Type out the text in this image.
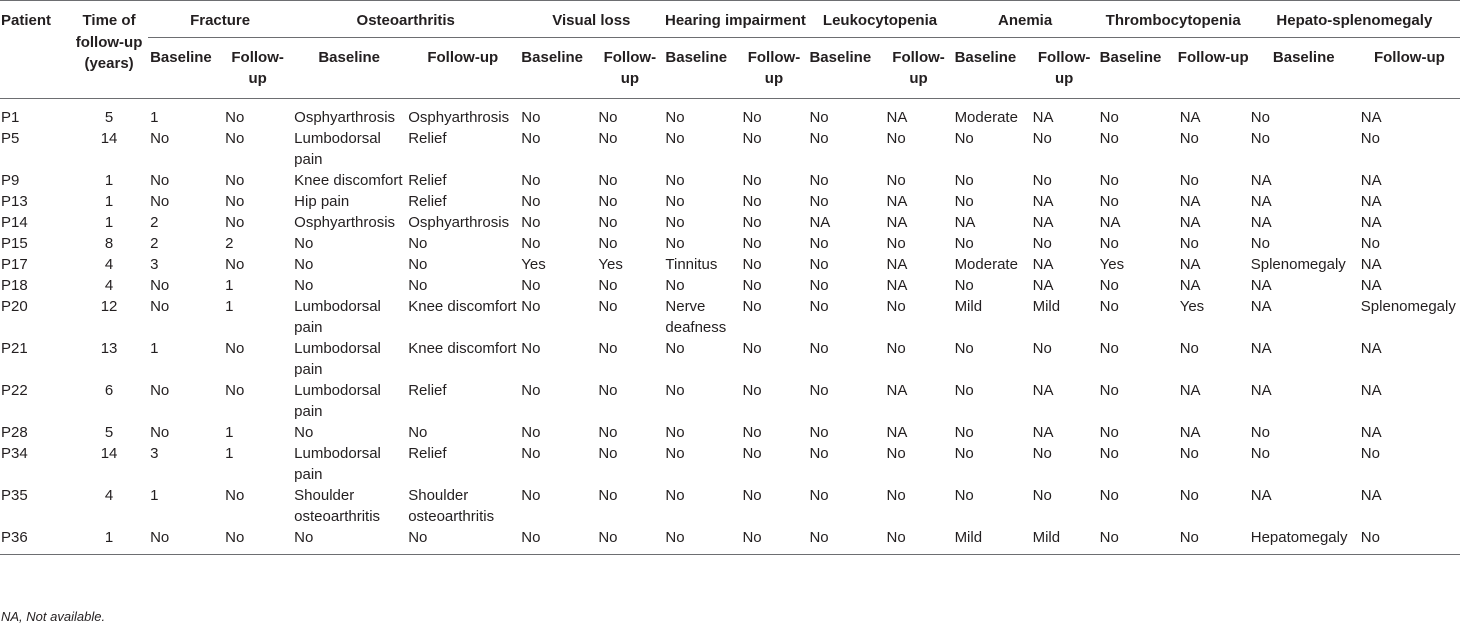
Patient	Time of follow-up (years)	Fracture		Osteoarthritis		Visual loss		Hearing impairment		Leukocytopenia		Anemia		Thrombocytopenia		Hepato-splenomegaly	
		Baseline	Follow-up	Baseline	Follow-up	Baseline	Follow-up	Baseline	Follow-up	Baseline	Follow-up	Baseline	Follow-up	Baseline	Follow-up	Baseline	Follow-up
P1	5	1	No	Osphyarthrosis	Osphyarthrosis	No	No	No	No	No	NA	Moderate	NA	No	NA	No	NA
P5	14	No	No	Lumbodorsal pain	Relief	No	No	No	No	No	No	No	No	No	No	No	No
P9	1	No	No	Knee discomfort	Relief	No	No	No	No	No	No	No	No	No	No	NA	NA
P13	1	No	No	Hip pain	Relief	No	No	No	No	No	NA	No	NA	No	NA	NA	NA
P14	1	2	No	Osphyarthrosis	Osphyarthrosis	No	No	No	No	NA	NA	NA	NA	NA	NA	NA	NA
P15	8	2	2	No	No	No	No	No	No	No	No	No	No	No	No	No	No
P17	4	3	No	No	No	Yes	Yes	Tinnitus	No	No	NA	Moderate	NA	Yes	NA	Splenomegaly	NA
P18	4	No	1	No	No	No	No	No	No	No	NA	No	NA	No	NA	NA	NA
P20	12	No	1	Lumbodorsal pain	Knee discomfort	No	No	Nerve deafness	No	No	No	Mild	Mild	No	Yes	NA	Splenomegaly
P21	13	1	No	Lumbodorsal pain	Knee discomfort	No	No	No	No	No	No	No	No	No	No	NA	NA
P22	6	No	No	Lumbodorsal pain	Relief	No	No	No	No	No	NA	No	NA	No	NA	NA	NA
P28	5	No	1	No	No	No	No	No	No	No	NA	No	NA	No	NA	No	NA
P34	14	3	1	Lumbodorsal pain	Relief	No	No	No	No	No	No	No	No	No	No	No	No
P35	4	1	No	Shoulder osteoarthritis	Shoulder osteoarthritis	No	No	No	No	No	No	No	No	No	No	NA	NA
P36	1	No	No	No	No	No	No	No	No	No	No	Mild	Mild	No	No	Hepatomegaly	No
NA, Not available.
